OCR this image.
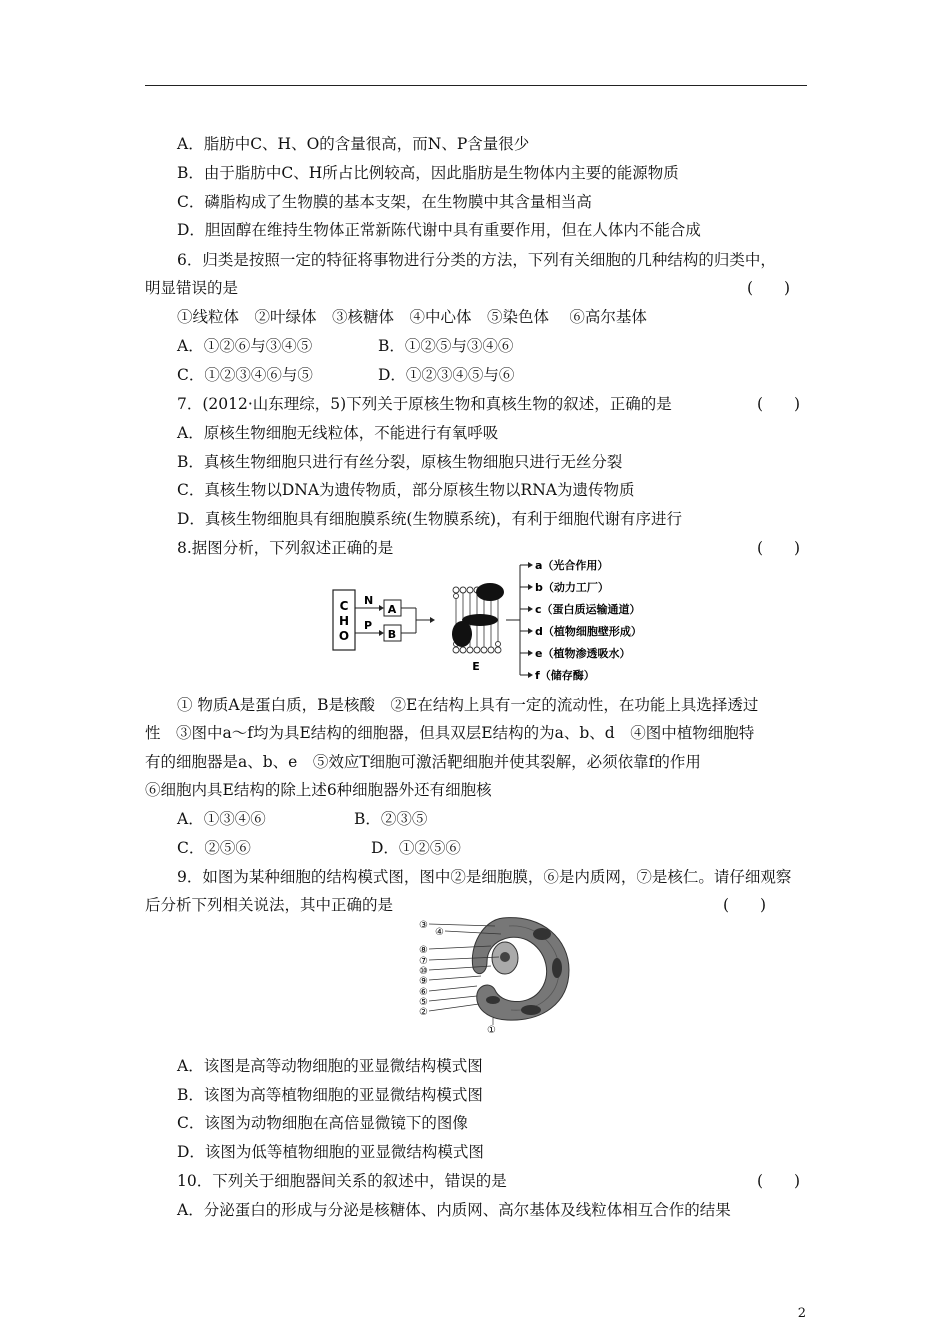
A．脂肪中C、H、O的含量很高，而N、P含量很少
B．由于脂肪中C、H所占比例较高，因此脂肪是生物体内主要的能源物质
C．磷脂构成了生物膜的基本支架，在生物膜中其含量相当高
D．胆固醇在维持生物体正常新陈代谢中具有重要作用，但在人体内不能合成
6．归类是按照一定的特征将事物进行分类的方法，下列有关细胞的几种结构的归类中，
明显错误的是	(　　)
①线粒体　②叶绿体　③核糖体　④中心体　⑤染色体　 ⑥高尔基体
A．①②⑥与③④⑤	B．①②⑤与③④⑥
C．①②③④⑥与⑤	D．①②③④⑤与⑥
7．(2012·山东理综，5)下列关于原核生物和真核生物的叙述，正确的是	(　　)
A．原核生物细胞无线粒体，不能进行有氧呼吸
B．真核生物细胞只进行有丝分裂，原核生物细胞只进行无丝分裂
C．真核生物以DNA为遗传物质，部分原核生物以RNA为遗传物质
D．真核生物细胞具有细胞膜系统(生物膜系统)，有利于细胞代谢有序进行
8.据图分析，下列叙述正确的是	(　　)
C
H
O
N
P
A
B
E
a（光合作用）
b（动力工厂）
c（蛋白质运输通道）
d（植物细胞壁形成）
e（植物渗透吸水）
f（储存酶）
① 物质A是蛋白质，B是核酸　②E在结构上具有一定的流动性，在功能上具选择透过
性　③图中a～f均为具E结构的细胞器，但具双层E结构的为a、b、d　④图中植物细胞特
有的细胞器是a、b、e　⑤效应T细胞可激活靶细胞并使其裂解，必须依靠f的作用
⑥细胞内具E结构的除上述6种细胞器外还有细胞核
A．①③④⑥	B．②③⑤
C．②⑤⑥	D．①②⑤⑥
9．如图为某种细胞的结构模式图，图中②是细胞膜，⑥是内质网，⑦是核仁。请仔细观察
后分析下列相关说法，其中正确的是	(　　)
③
④
⑧
⑦
⑩
⑨
⑥
⑤
②
①
A．该图是高等动物细胞的亚显微结构模式图
B．该图为高等植物细胞的亚显微结构模式图
C．该图为动物细胞在高倍显微镜下的图像
D．该图为低等植物细胞的亚显微结构模式图
10．下列关于细胞器间关系的叙述中，错误的是	(　　)
A．分泌蛋白的形成与分泌是核糖体、内质网、高尔基体及线粒体相互合作的结果
2
